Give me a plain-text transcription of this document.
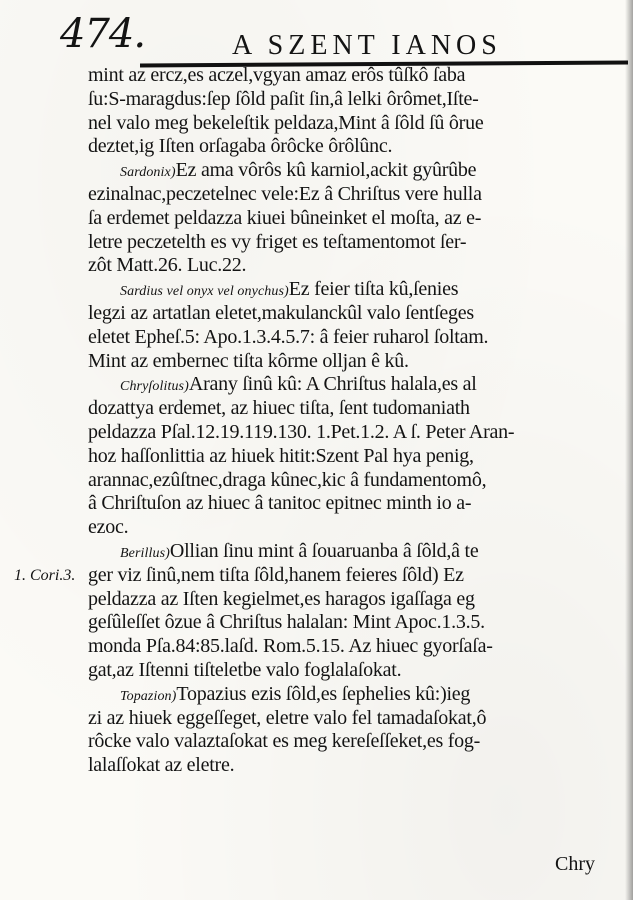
474.	A SZENT IANOS
1. Cori.3.
mint az ercz,es aczel,vgyan amaz erôs tûſkô ſaba
ſu:S-maragdus:ſep ſôld paſit ſin,â lelki ôrômet,Iſte-
nel valo meg bekeleſtik peldaza,Mint â ſôld ſû ôrue
deztet,ig Iſten orſagaba ôrôcke ôrôlûnc.
Sardonix)Ez ama vôrôs kû karniol,ackit gyûrûbe
ezinalnac,peczetelnec vele:Ez â Chriſtus vere hulla
ſa erdemet peldazza kiuei bûneinket el moſta, az e-
letre peczetelth es vy friget es teſtamentomot ſer-
zôt Matt.26. Luc.22.
Sardius vel onyx vel onychus)Ez feier tiſta kû,ſenies
legzi az artatlan eletet,makulanckûl valo ſentſeges
eletet Epheſ.5: Apo.1.3.4.5.7: â feier ruharol ſoltam.
Mint az embernec tiſta kôrme olljan ê kû.
Chryſolitus)Arany ſinû kû: A Chriſtus halala,es al
dozattya erdemet, az hiuec tiſta, ſent tudomaniath
peldazza Pſal.12.19.119.130. 1.Pet.1.2. A ſ. Peter Aran-
hoz haſſonlittia az hiuek hitit:Szent Pal hya penig,
arannac,ezûſtnec,draga kûnec,kic â fundamentomô,
â Chriſtuſon az hiuec â tanitoc epitnec minth io a-
ezoc.
Berillus)Ollian ſinu mint â ſouaruanba â ſôld,â te
ger viz ſinû,nem tiſta ſôld,hanem feieres ſôld) Ez
peldazza az Iſten kegielmet,es haragos igaſſaga eg
geſûleſſet ôzue â Chriſtus halalan: Mint Apoc.1.3.5.
monda Pſa.84:85.laſd. Rom.5.15. Az hiuec gyorſaſa-
gat,az Iſtenni tiſteletbe valo foglalaſokat.
Topazion)Topazius ezis ſôld,es ſephelies kû:)ieg
zi az hiuek eggeſſeget, eletre valo fel tamadaſokat,ô
rôcke valo valaztaſokat es meg kereſeſſeket,es fog-
lalaſſokat az eletre.
Chry
